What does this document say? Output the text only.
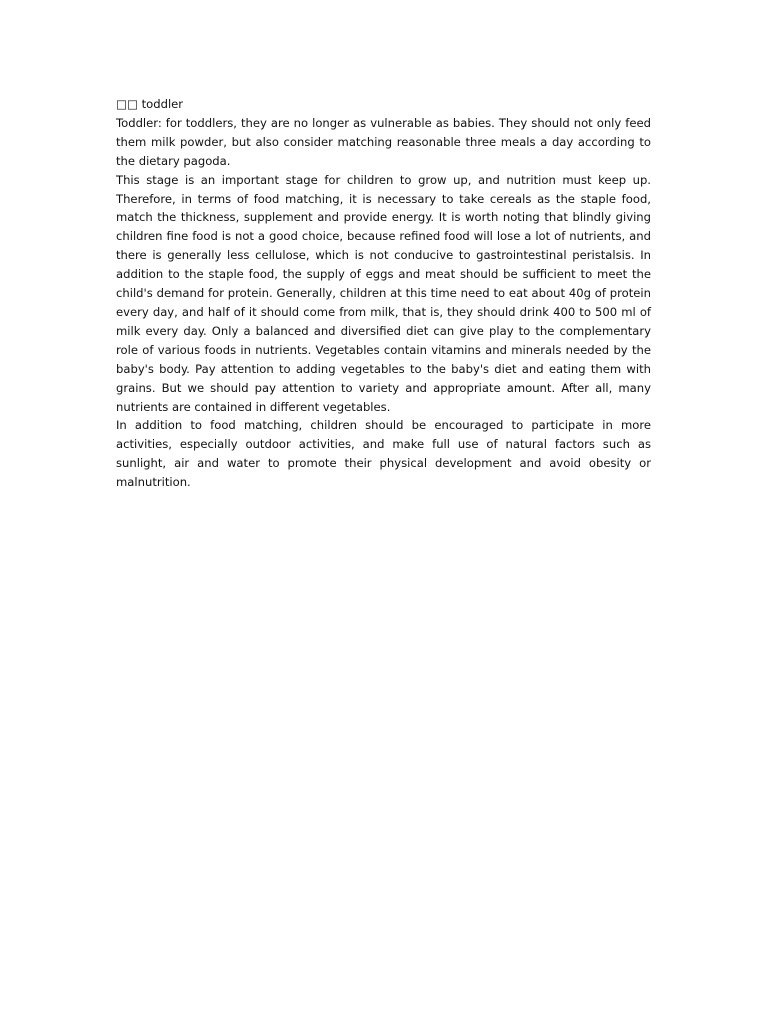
□□ toddler

Toddler: for toddlers, they are no longer as vulnerable as babies. They should not only feed them milk powder, but also consider matching reasonable three meals a day according to the dietary pagoda.

This stage is an important stage for children to grow up, and nutrition must keep up. Therefore, in terms of food matching, it is necessary to take cereals as the staple food, match the thickness, supplement and provide energy. It is worth noting that blindly giving children fine food is not a good choice, because refined food will lose a lot of nutrients, and there is generally less cellulose, which is not conducive to gastrointestinal peristalsis. In addition to the staple food, the supply of eggs and meat should be sufficient to meet the child's demand for protein. Generally, children at this time need to eat about 40g of protein every day, and half of it should come from milk, that is, they should drink 400 to 500 ml of milk every day. Only a balanced and diversified diet can give play to the complementary role of various foods in nutrients. Vegetables contain vitamins and minerals needed by the baby's body. Pay attention to adding vegetables to the baby's diet and eating them with grains. But we should pay attention to variety and appropriate amount. After all, many nutrients are contained in different vegetables.

In addition to food matching, children should be encouraged to participate in more activities, especially outdoor activities, and make full use of natural factors such as sunlight, air and water to promote their physical development and avoid obesity or malnutrition.
